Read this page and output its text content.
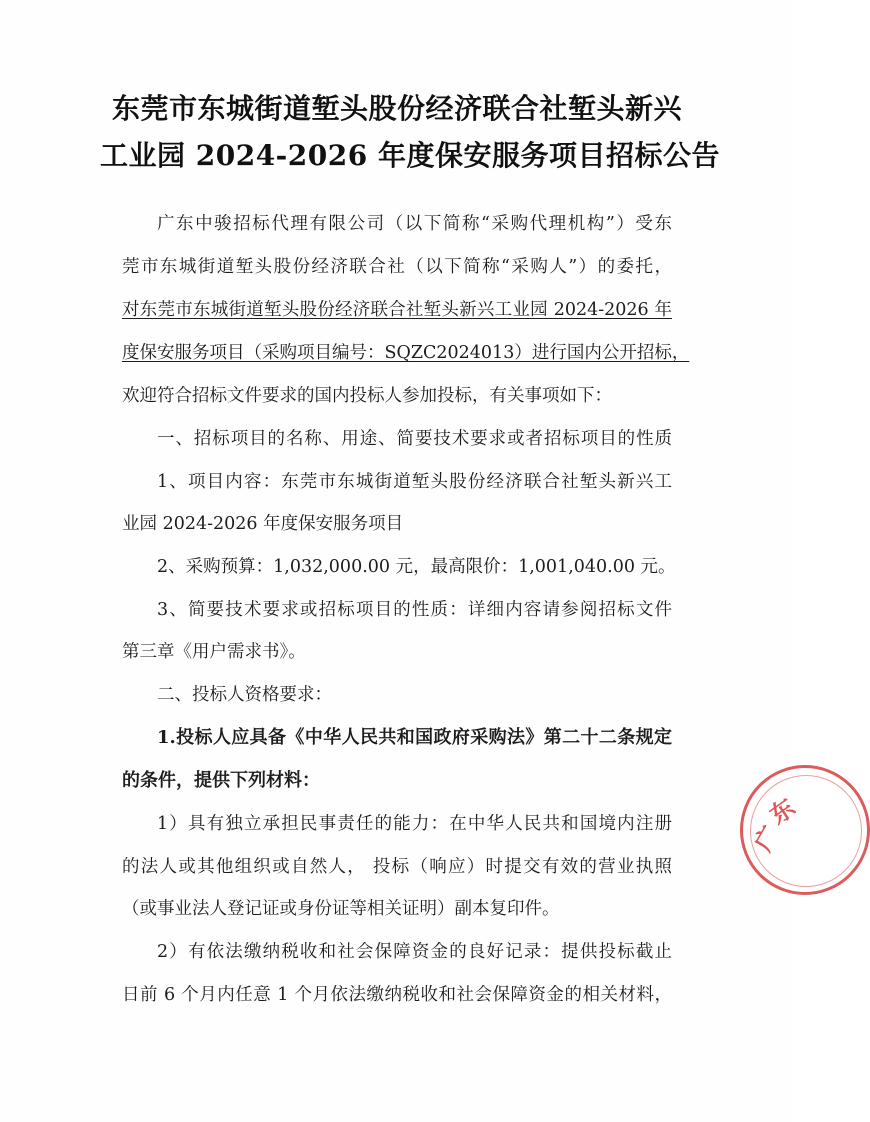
东莞市东城街道堑头股份经济联合社堑头新兴
工业园 2024-2026 年度保安服务项目招标公告
广东中骏招标代理有限公司（以下简称“采购代理机构”）受东
莞市东城街道堑头股份经济联合社（以下简称“采购人”）的委托，
对东莞市东城街道堑头股份经济联合社堑头新兴工业园 2024-2026 年
度保安服务项目（采购项目编号：SQZC2024013）进行国内公开招标，
欢迎符合招标文件要求的国内投标人参加投标，有关事项如下：
一、招标项目的名称、用途、简要技术要求或者招标项目的性质
1、项目内容：东莞市东城街道堑头股份经济联合社堑头新兴工
业园 2024-2026 年度保安服务项目
2、采购预算：1,032,000.00 元，最高限价：1,001,040.00 元。
3、简要技术要求或招标项目的性质：详细内容请参阅招标文件
第三章《用户需求书》。
二、投标人资格要求：
1.投标人应具备《中华人民共和国政府采购法》第二十二条规定
的条件，提供下列材料：
1）具有独立承担民事责任的能力：在中华人民共和国境内注册
的法人或其他组织或自然人， 投标（响应）时提交有效的营业执照
（或事业法人登记证或身份证等相关证明）副本复印件。
2）有依法缴纳税收和社会保障资金的良好记录：提供投标截止
日前 6 个月内任意 1 个月依法缴纳税收和社会保障资金的相关材料，
广
东
